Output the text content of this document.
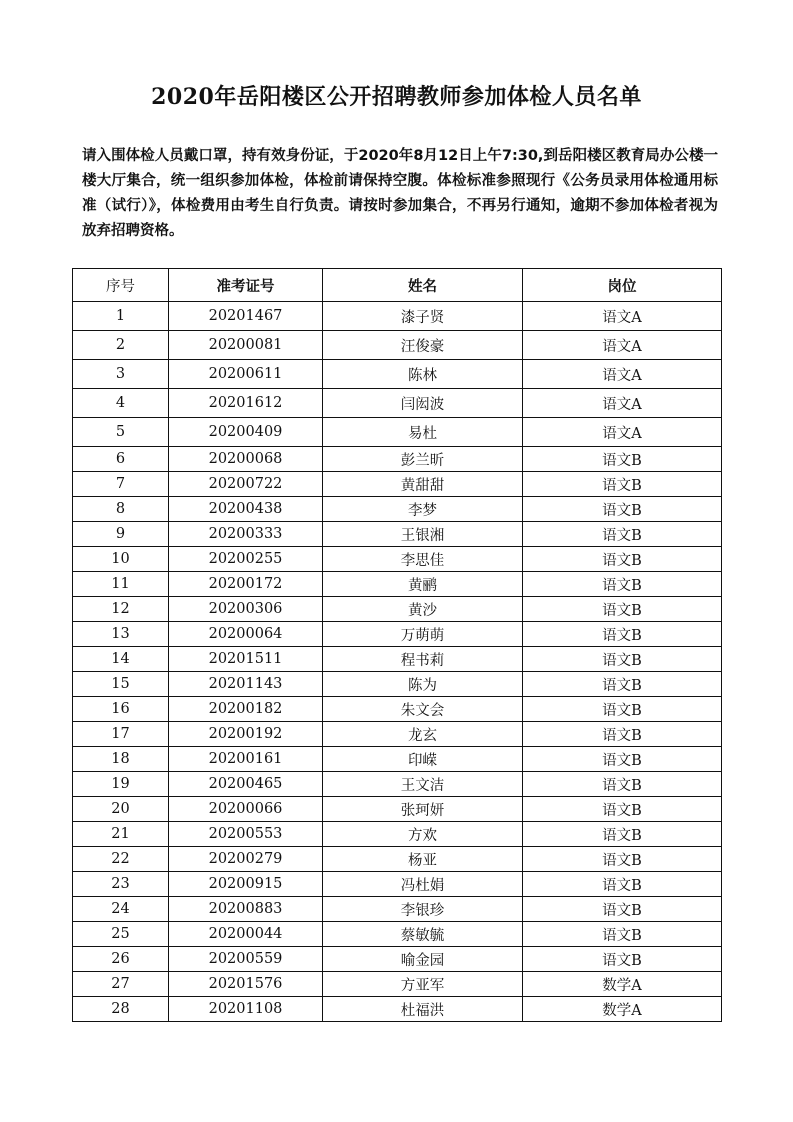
2020年岳阳楼区公开招聘教师参加体检人员名单

请入围体检人员戴口罩，持有效身份证，于2020年8月12日上午7:30,到岳阳楼区教育局办公楼一楼大厅集合，统一组织参加体检，体检前请保持空腹。体检标准参照现行《公务员录用体检通用标准（试行）》，体检费用由考生自行负责。请按时参加集合，不再另行通知，逾期不参加体检者视为放弃招聘资格。

序号	准考证号	姓名	岗位
1	20201467	漆子贤	语文A
2	20200081	汪俊豪	语文A
3	20200611	陈林	语文A
4	20201612	闫闳波	语文A
5	20200409	易杜	语文A
6	20200068	彭兰昕	语文B
7	20200722	黄甜甜	语文B
8	20200438	李梦	语文B
9	20200333	王银湘	语文B
10	20200255	李思佳	语文B
11	20200172	黄鹂	语文B
12	20200306	黄沙	语文B
13	20200064	万萌萌	语文B
14	20201511	程书莉	语文B
15	20201143	陈为	语文B
16	20200182	朱文会	语文B
17	20200192	龙玄	语文B
18	20200161	印嵘	语文B
19	20200465	王文洁	语文B
20	20200066	张珂妍	语文B
21	20200553	方欢	语文B
22	20200279	杨亚	语文B
23	20200915	冯杜娟	语文B
24	20200883	李银珍	语文B
25	20200044	蔡敏毓	语文B
26	20200559	喻金园	语文B
27	20201576	方亚军	数学A
28	20201108	杜福洪	数学A
